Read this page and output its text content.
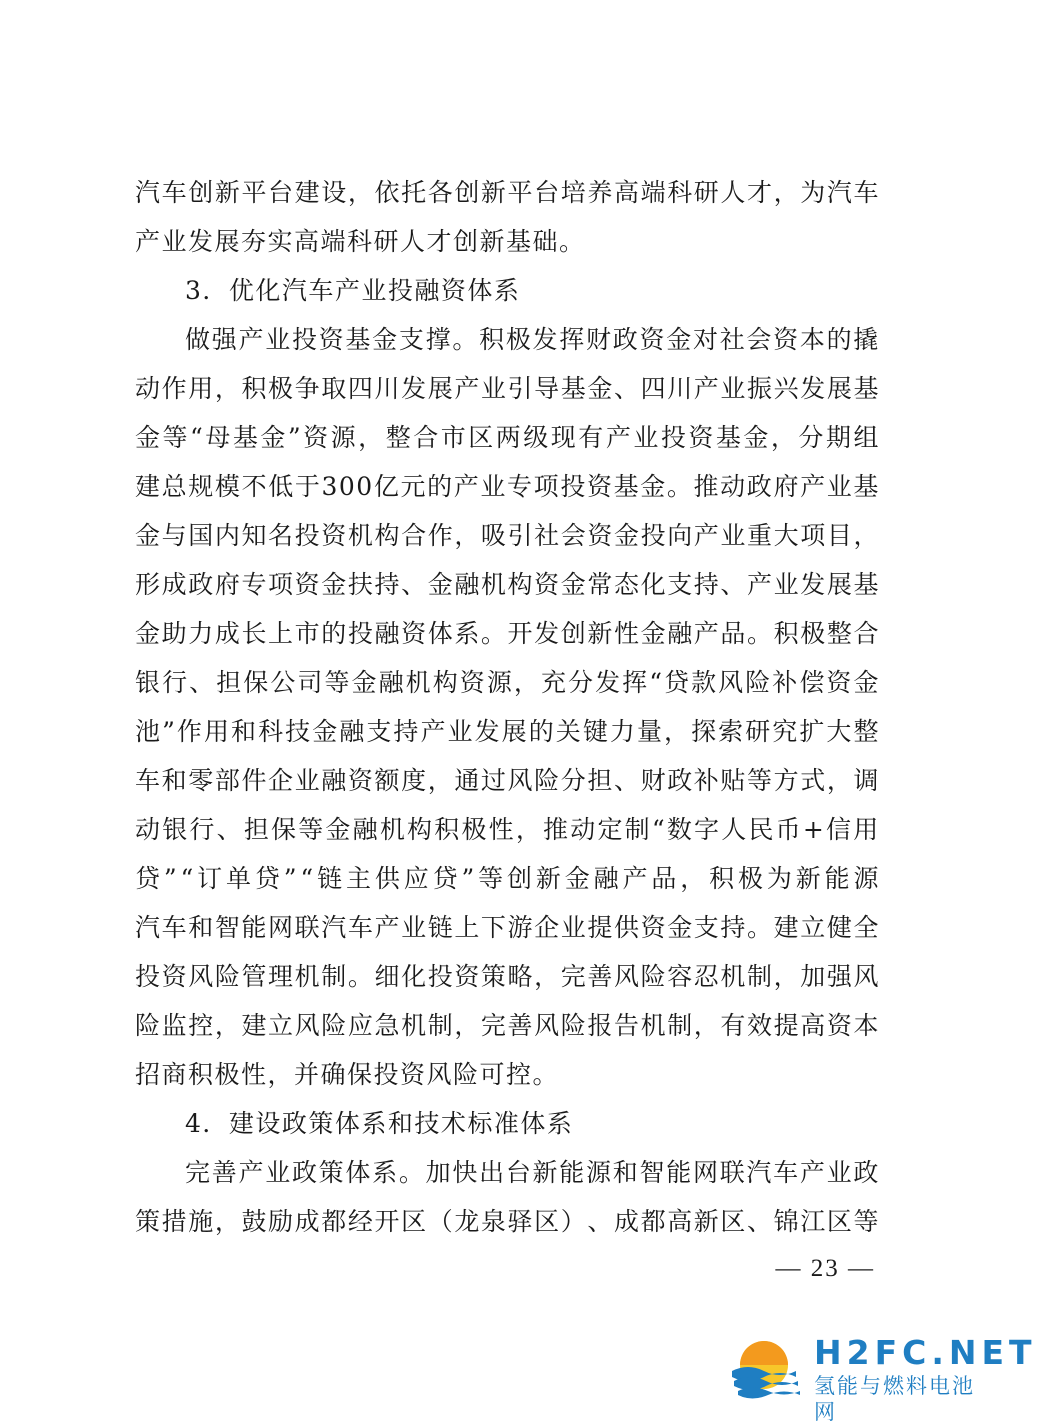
汽 车 创 新 平 台 建 设 ， 依 托 各 创 新 平 台 培 养 高 端 科 研 人 才 ， 为 汽 车
产业发展夯实高端科研人才创新基础。
3．优化汽车产业投融资体系
做 强 产 业 投 资 基 金 支 撑 。 积 极 发 挥 财 政 资 金 对 社 会 资 本 的 撬
动 作 用 ， 积 极 争 取 四 川 发 展 产 业 引 导 基 金 、 四 川 产 业 振 兴 发 展 基
金 等 “ 母 基 金 ” 资 源 ， 整 合 市 区 两 级 现 有 产 业 投 资 基 金 ， 分 期 组
建 总 规 模 不 低 于 300 亿 元 的 产 业 专 项 投 资 基 金 。 推 动 政 府 产 业 基
金 与 国 内 知 名 投 资 机 构 合 作 ， 吸 引 社 会 资 金 投 向 产 业 重 大 项 目 ，
形 成 政 府 专 项 资 金 扶 持 、 金 融 机 构 资 金 常 态 化 支 持 、 产 业 发 展 基
金 助 力 成 长 上 市 的 投 融 资 体 系 。 开 发 创 新 性 金 融 产 品 。 积 极 整 合
银 行 、 担 保 公 司 等 金 融 机 构 资 源 ， 充 分 发 挥 “ 贷 款 风 险 补 偿 资 金
池 ” 作 用 和 科 技 金 融 支 持 产 业 发 展 的 关 键 力 量 ， 探 索 研 究 扩 大 整
车 和 零 部 件 企 业 融 资 额 度 ， 通 过 风 险 分 担 、 财 政 补 贴 等 方 式 ， 调
动 银 行 、 担 保 等 金 融 机 构 积 极 性 ， 推 动 定 制 “ 数 字 人 民 币 + 信 用
贷 ” “ 订 单 贷 ” “ 链 主 供 应 贷 ” 等 创 新 金 融 产 品 ， 积 极 为 新 能 源
汽 车 和 智 能 网 联 汽 车 产 业 链 上 下 游 企 业 提 供 资 金 支 持 。 建 立 健 全
投 资 风 险 管 理 机 制 。 细 化 投 资 策 略 ， 完 善 风 险 容 忍 机 制 ， 加 强 风
险 监 控 ， 建 立 风 险 应 急 机 制 ， 完 善 风 险 报 告 机 制 ， 有 效 提 高 资 本
招商积极性，并确保投资风险可控。
4．建设政策体系和技术标准体系
完 善 产 业 政 策 体 系 。 加 快 出 台 新 能 源 和 智 能 网 联 汽 车 产 业 政
策 措 施 ， 鼓 励 成 都 经 开 区 （ 龙 泉 驿 区 ） 、 成 都 高 新 区 、 锦 江 区 等
— 23 —
H2FC.NET
氢能与燃料电池网
